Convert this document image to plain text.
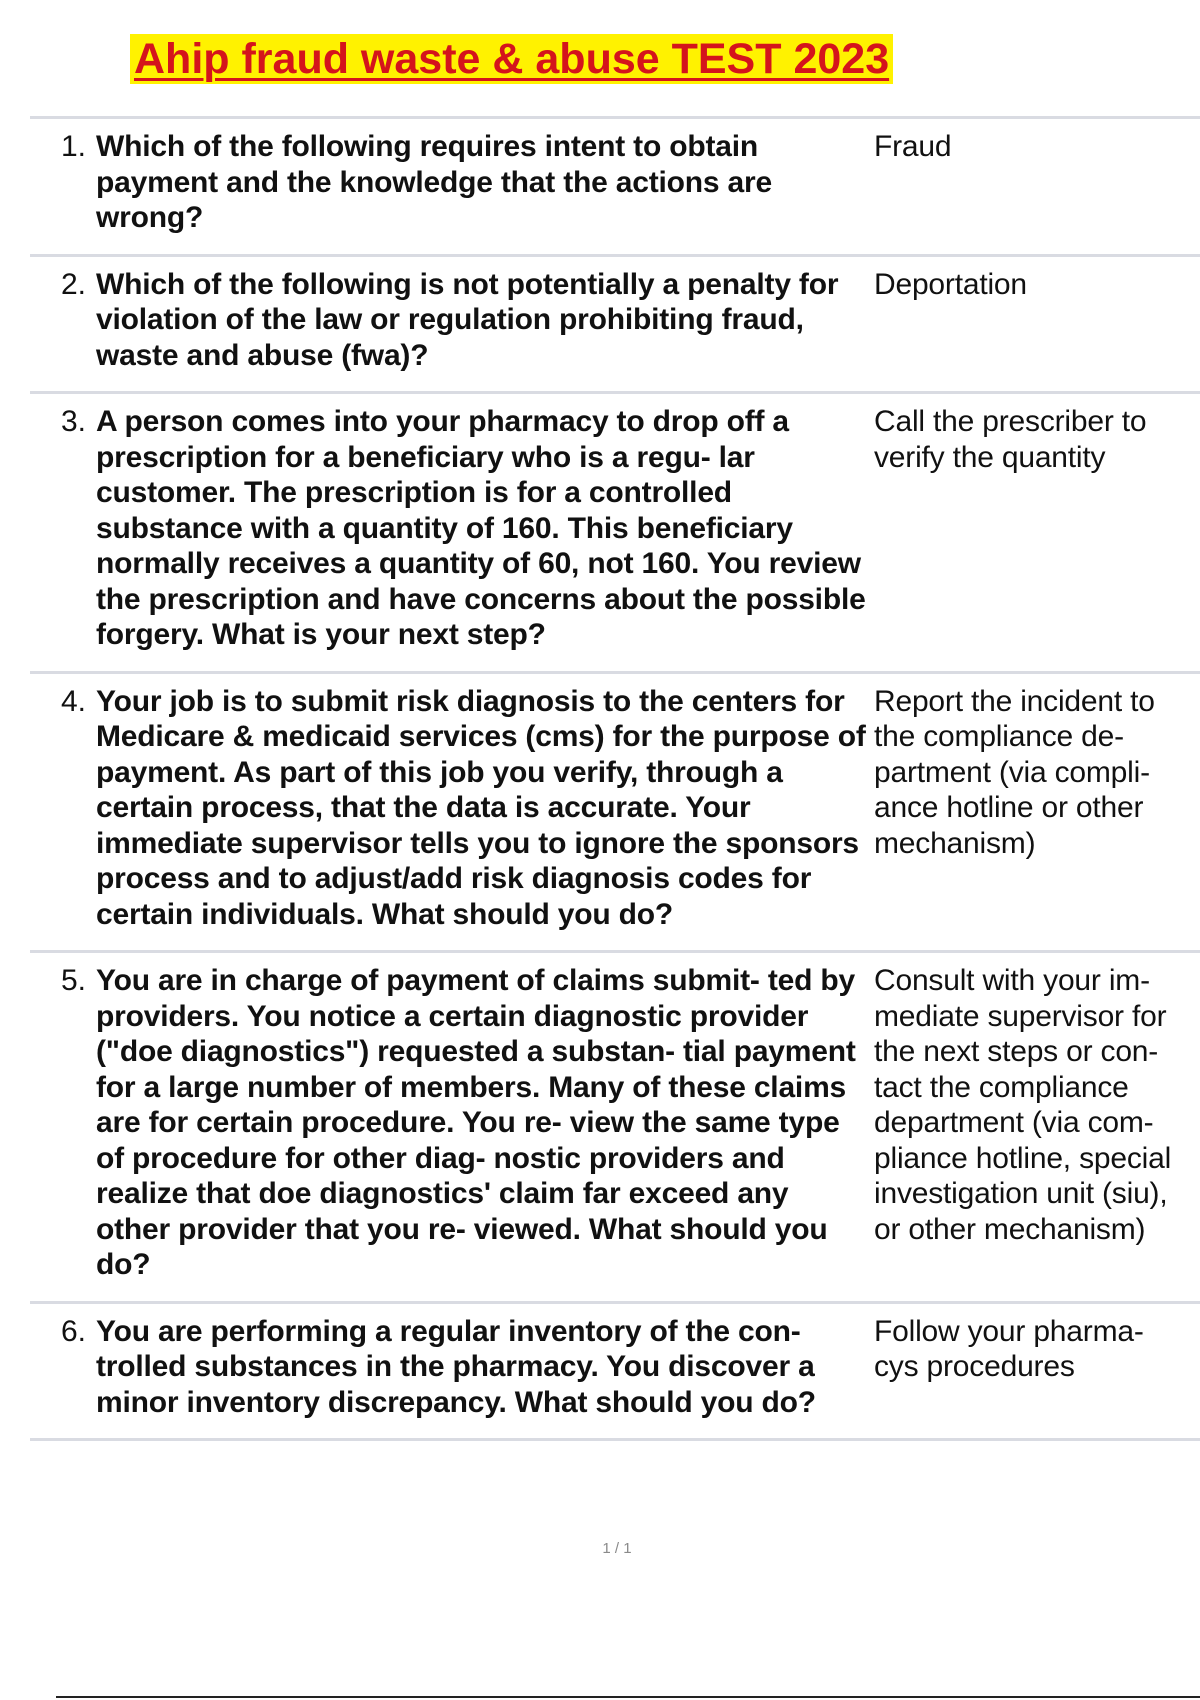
Ahip fraud waste & abuse TEST 2023
1. Which of the following requires intent to obtain payment and the knowledge that the actions are wrong?
Fraud
2. Which of the following is not potentially a penalty for violation of the law or regulation prohibiting fraud, waste and abuse (fwa)?
Deportation
3. A person comes into your pharmacy to drop off a prescription for a beneficiary who is a regu- lar customer. The prescription is for a controlled substance with a quantity of 160. This beneficiary normally receives a quantity of 60, not 160. You review the prescription and have concerns about the possible forgery. What is your next step?
Call the prescriber to verify the quantity
4. Your job is to submit risk diagnosis to the centers for Medicare & medicaid services (cms) for the purpose of payment. As part of this job you verify, through a certain process, that the data is accurate. Your immediate supervisor tells you to ignore the sponsors process and to adjust/add risk diagnosis codes for certain individuals. What should you do?
Report the incident to the compliance de- partment (via compli- ance hotline or other mechanism)
5. You are in charge of payment of claims submit- ted by providers. You notice a certain diagnostic provider ("doe diagnostics") requested a substan- tial payment for a large number of members. Many of these claims are for certain procedure. You re- view the same type of procedure for other diag- nostic providers and realize that doe diagnostics' claim far exceed any other provider that you re- viewed. What should you do?
Consult with your im- mediate supervisor for the next steps or con- tact the compliance department (via com- pliance hotline, special investigation unit (siu), or other mechanism)
6. You are performing a regular inventory of the con- trolled substances in the pharmacy. You discover a minor inventory discrepancy. What should you do?
Follow your pharma- cys procedures
1 / 1
